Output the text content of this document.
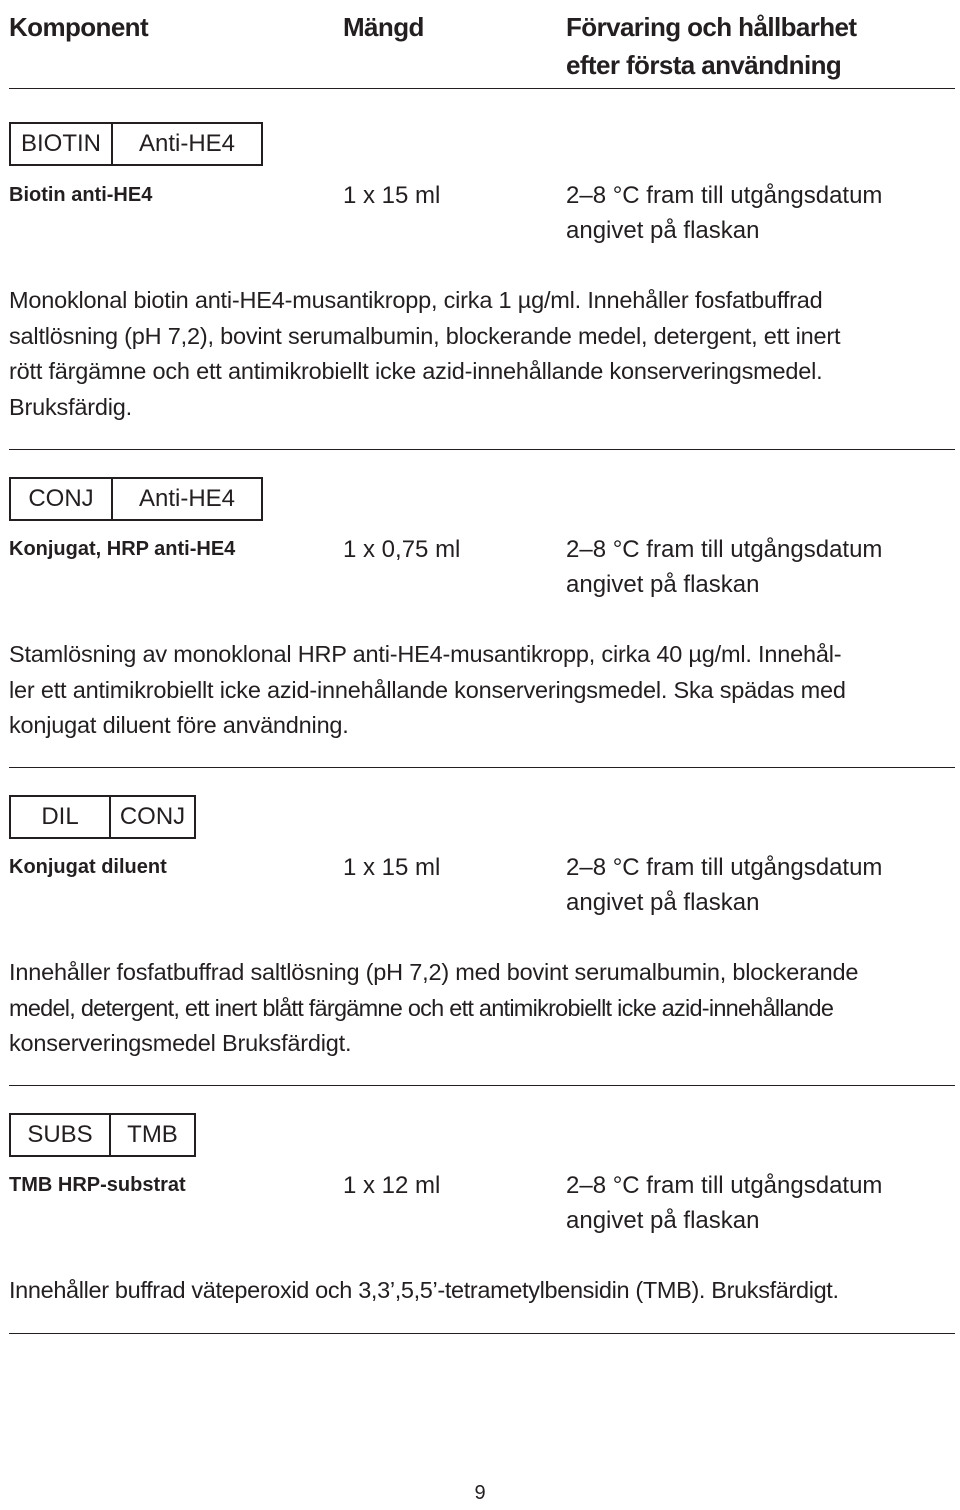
Komponent	Mängd	Förvaring och hållbarhet
efter första användning
BIOTIN	Anti-HE4
Biotin anti-HE4	1 x 15 ml	2–8 °C fram till utgångsdatum
angivet på flaskan
Monoklonal biotin anti-HE4-musantikropp, cirka 1 µg/ml. Innehåller fosfatbuffrad
saltlösning (pH 7,2), bovint serumalbumin, blockerande medel, detergent, ett inert
rött färgämne och ett antimikrobiellt icke azid-innehållande konserveringsmedel.
Bruksfärdig.
CONJ	Anti-HE4
Konjugat, HRP anti-HE4	1 x 0,75 ml	2–8 °C fram till utgångsdatum
angivet på flaskan
Stamlösning av monoklonal HRP anti-HE4-musantikropp, cirka 40 µg/ml. Innehål-
ler ett antimikrobiellt icke azid-innehållande konserveringsmedel. Ska spädas med
konjugat diluent före användning.
DIL	CONJ
Konjugat diluent	1 x 15 ml	2–8 °C fram till utgångsdatum
angivet på flaskan
Innehåller fosfatbuffrad saltlösning (pH 7,2) med bovint serumalbumin, blockerande
medel, detergent, ett inert blått färgämne och ett antimikrobiellt icke azid-innehållande
konserveringsmedel Bruksfärdigt.
SUBS	TMB
TMB HRP-substrat	1 x 12 ml	2–8 °C fram till utgångsdatum
angivet på flaskan
Innehåller buffrad väteperoxid och 3,3’,5,5’-tetrametylbensidin (TMB). Bruksfärdigt.
9
